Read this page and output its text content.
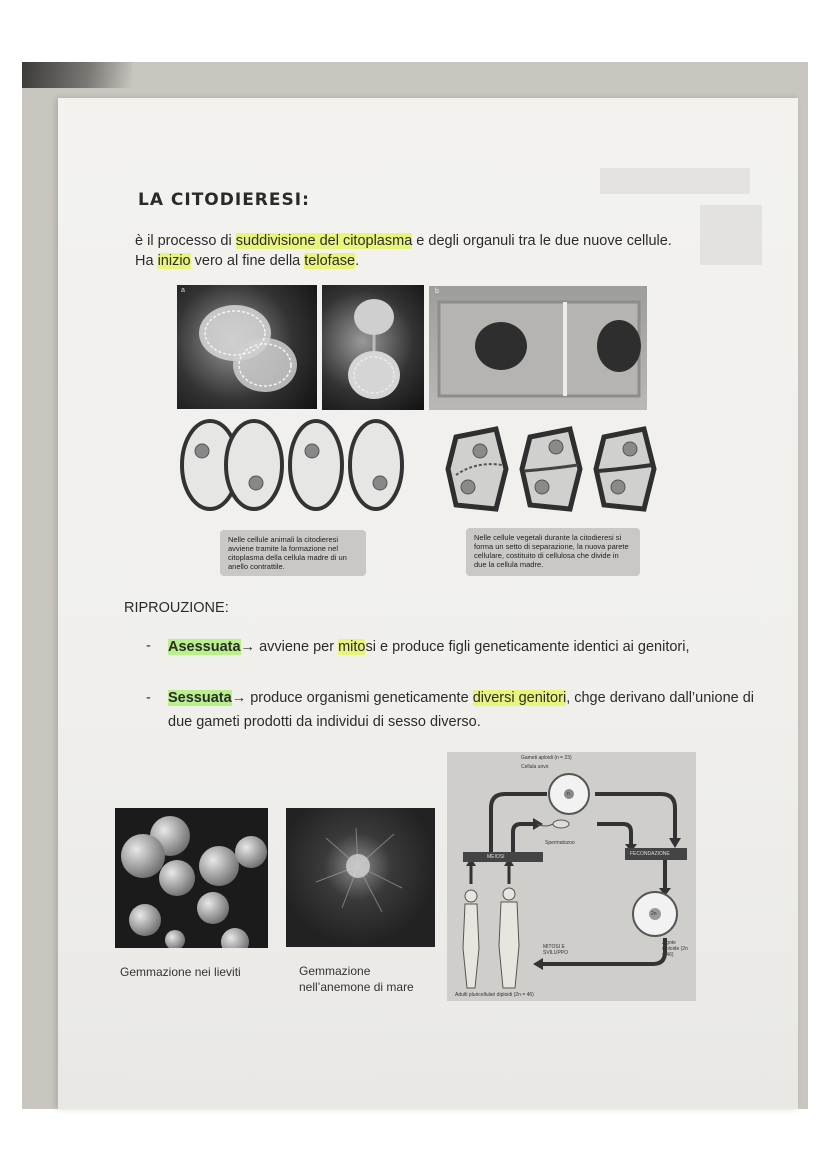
LA CITODIERESI:
è il processo di suddivisione del citoplasma e degli organuli tra le due nuove cellule.
Ha inizio vero al fine della telofase.
a	b
Nelle cellule animali la citodieresi avviene tramite la formazione nel citoplasma della cellula madre di un anello contrattile.
Nelle cellule vegetali durante la citodieresi si forma un setto di separazione, la nuova parete cellulare, costituito di cellulosa che divide in due la cellula madre.
RIPROUZIONE:
- Asessuata→ avviene per mitosi e produce figli geneticamente identici ai genitori,
- Sessuata→ produce organismi geneticamente diversi genitori, chge derivano dall’unione di due gameti prodotti da individui di sesso diverso.
Gemmazione nei lieviti	Gemmazione
nell’anemone di mare
Gameti aploidi (n = 23)
Cellula uovo
n
Spermatozoo
MEIOSI	FECONDAZIONE
2n
Zigote diploide (2n = 46)
MITOSI E SVILUPPO
Adulti pluricellulari diploidi (2n = 46)
